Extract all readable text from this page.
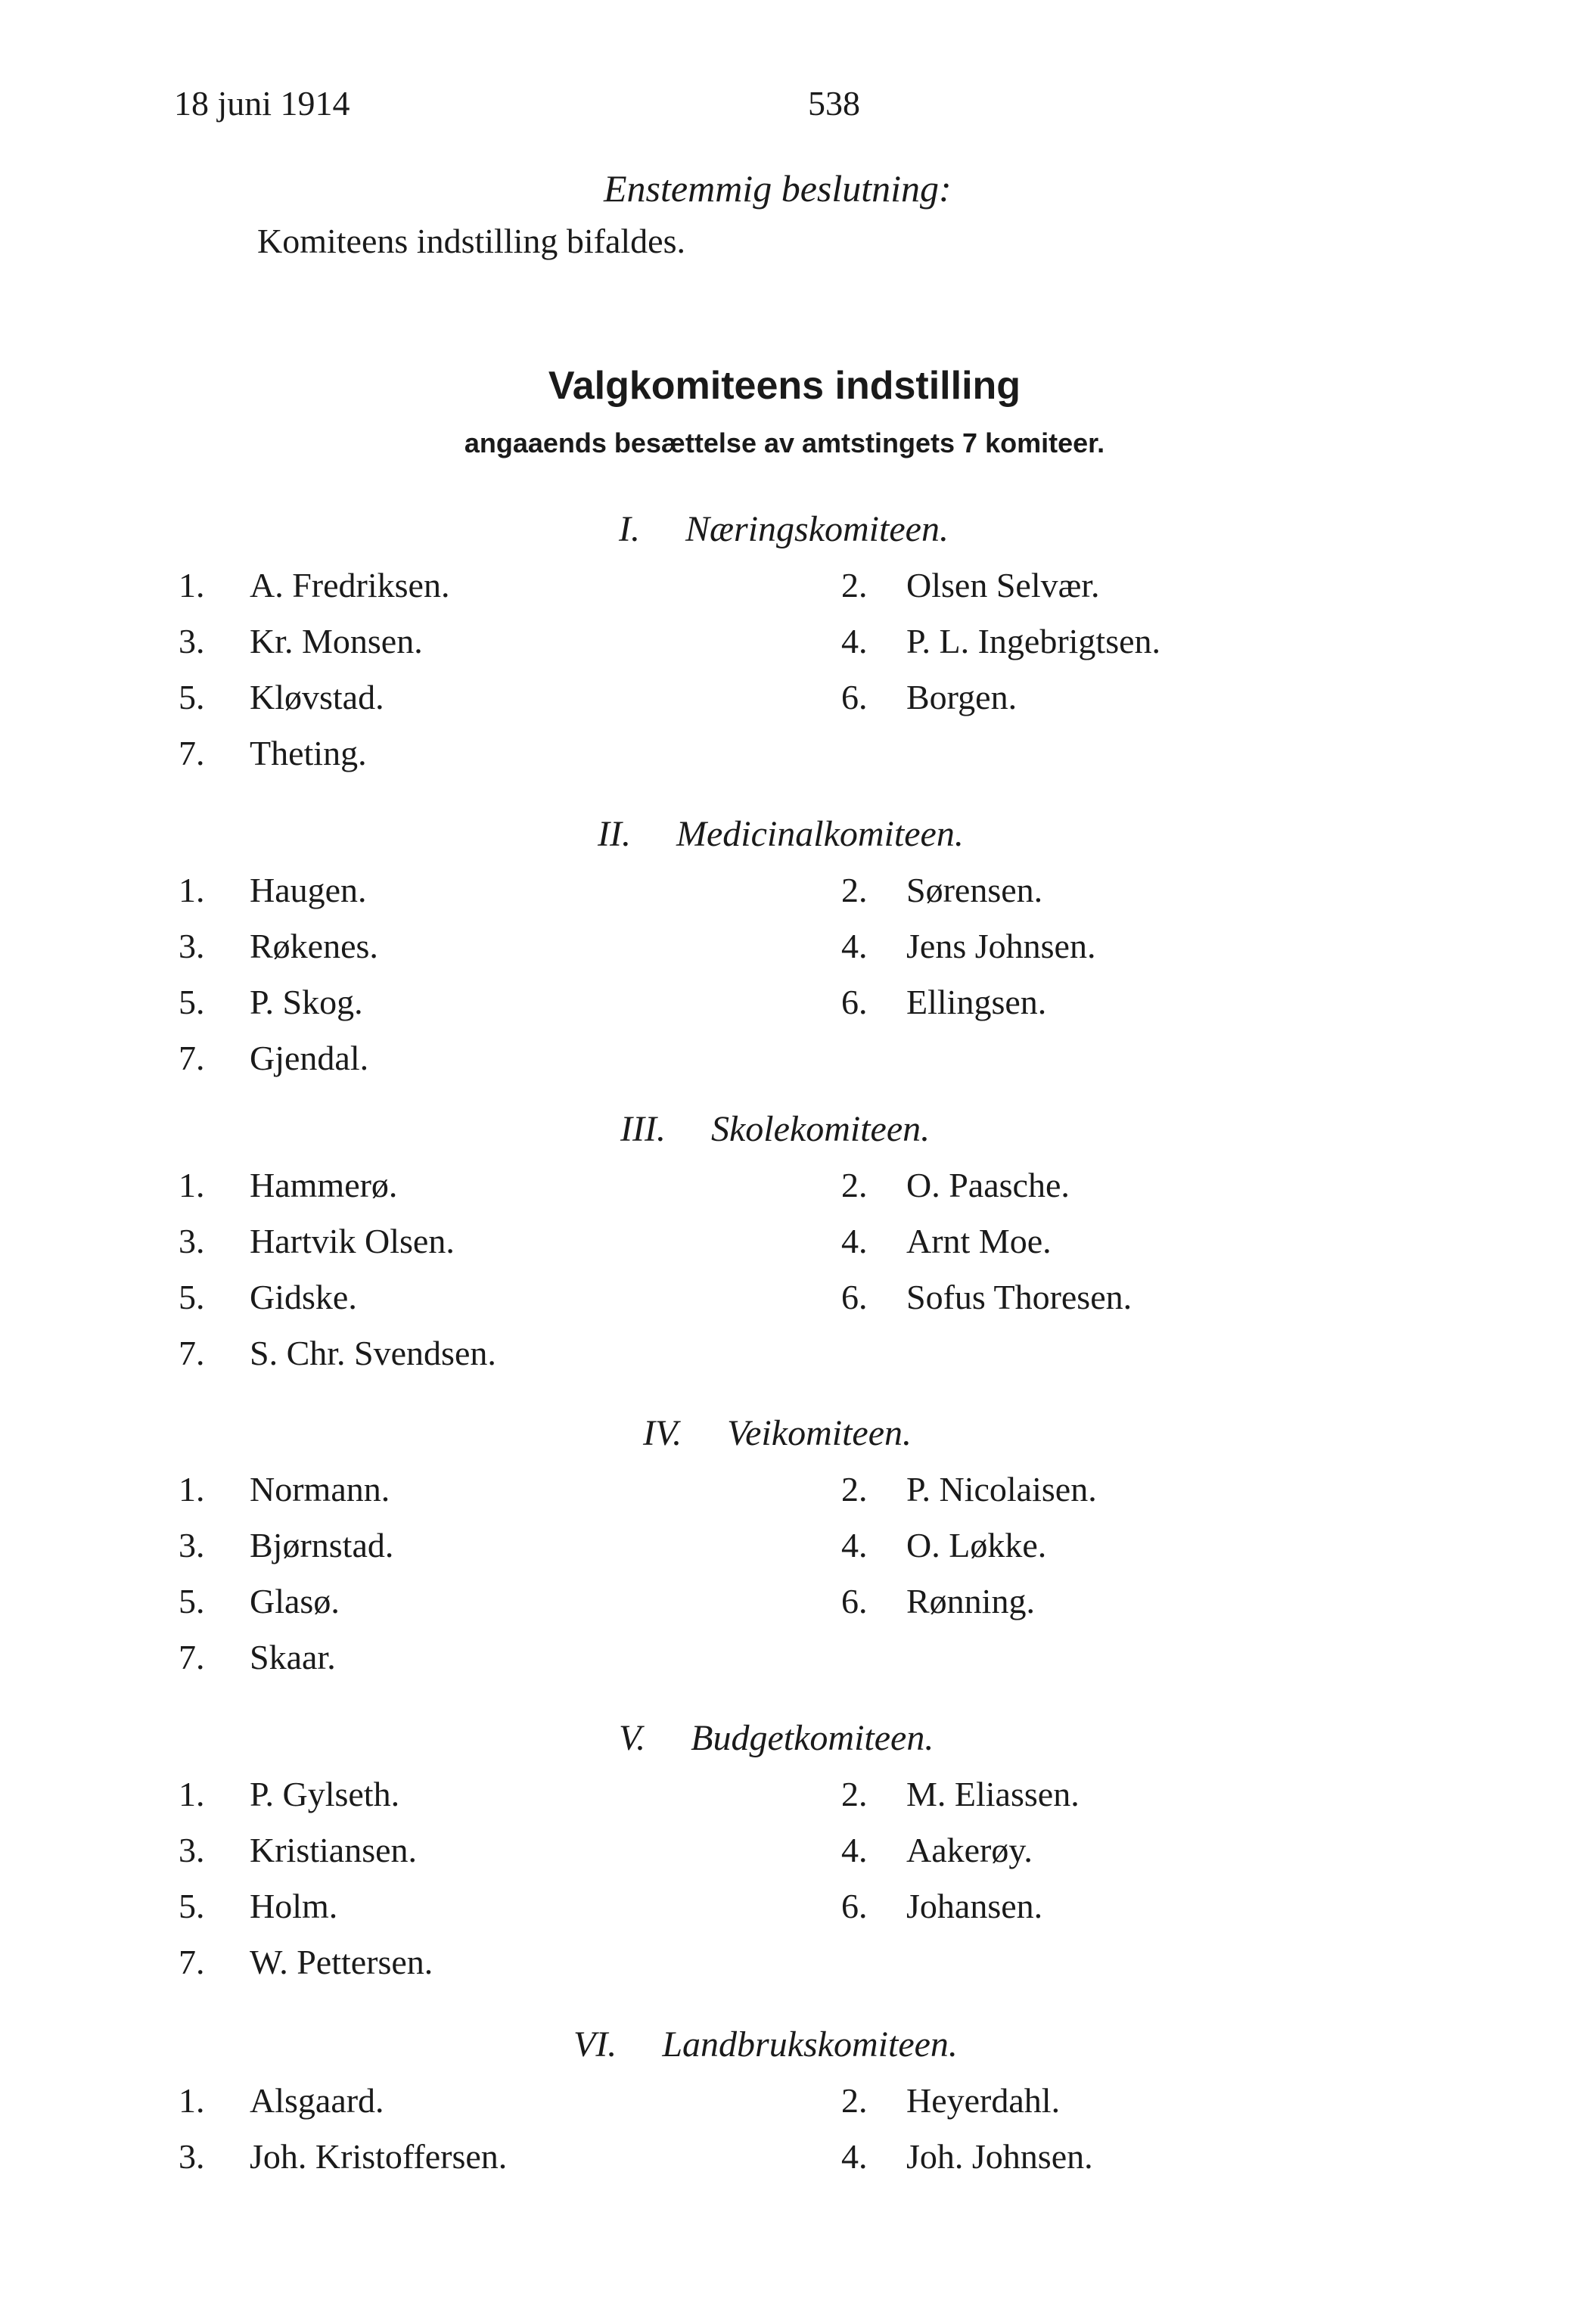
18 juni 1914	538
Enstemmig beslutning:
Komiteens indstilling bifaldes.
Valgkomiteens indstilling
angaaends besættelse av amtstingets 7 komiteer.
I. Næringskomiteen.
1. A. Fredriksen.
3. Kr. Monsen.
5. Kløvstad.
7. Theting.
2. Olsen Selvær.
4. P. L. Ingebrigtsen.
6. Borgen.
II. Medicinalkomiteen.
1. Haugen.
3. Røkenes.
5. P. Skog.
7. Gjendal.
2. Sørensen.
4. Jens Johnsen.
6. Ellingsen.
III. Skolekomiteen.
1. Hammerø.
3. Hartvik Olsen.
5. Gidske.
7. S. Chr. Svendsen.
2. O. Paasche.
4. Arnt Moe.
6. Sofus Thoresen.
IV. Veikomiteen.
1. Normann.
3. Bjørnstad.
5. Glasø.
7. Skaar.
2. P. Nicolaisen.
4. O. Løkke.
6. Rønning.
V. Budgetkomiteen.
1. P. Gylseth.
3. Kristiansen.
5. Holm.
7. W. Pettersen.
2. M. Eliassen.
4. Aakerøy.
6. Johansen.
VI. Landbrukskomiteen.
1. Alsgaard.
3. Joh. Kristoffersen.
2. Heyerdahl.
4. Joh. Johnsen.
